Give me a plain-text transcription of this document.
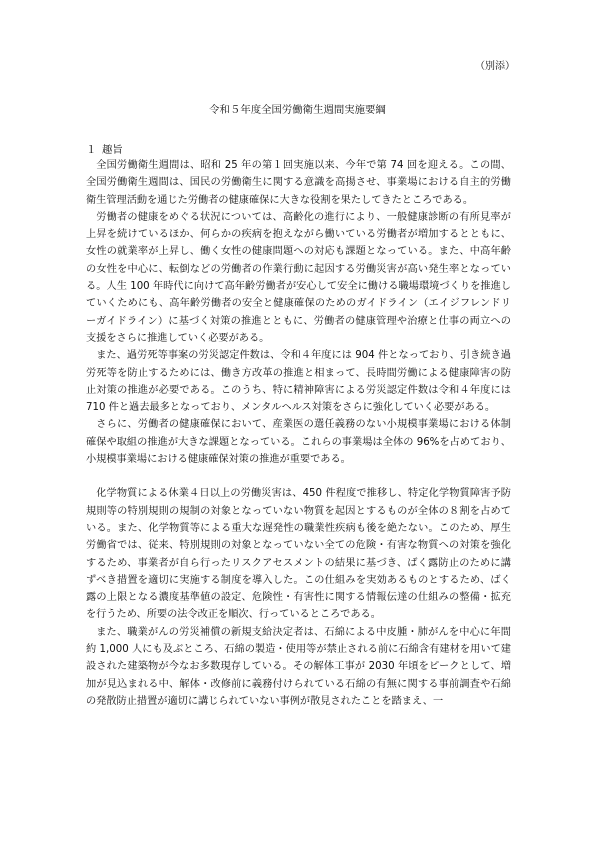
（別添）
令和５年度全国労働衛生週間実施要綱
１ 趣旨

全国労働衛生週間は、昭和 25 年の第１回実施以来、今年で第 74 回を迎える。この間、全国労働衛生週間は、国民の労働衛生に関する意識を高揚させ、事業場における自主的労働衛生管理活動を通じた労働者の健康確保に大きな役割を果たしてきたところである。

労働者の健康をめぐる状況については、高齢化の進行により、一般健康診断の有所見率が上昇を続けているほか、何らかの疾病を抱えながら働いている労働者が増加するとともに、女性の就業率が上昇し、働く女性の健康問題への対応も課題となっている。また、中高年齢の女性を中心に、転倒などの労働者の作業行動に起因する労働災害が高い発生率となっている。人生 100 年時代に向けて高年齢労働者が安心して安全に働ける職場環境づくりを推進していくためにも、高年齢労働者の安全と健康確保のためのガイドライン（エイジフレンドリーガイドライン）に基づく対策の推進とともに、労働者の健康管理や治療と仕事の両立への支援をさらに推進していく必要がある。

また、過労死等事案の労災認定件数は、令和４年度には 904 件となっており、引き続き過労死等を防止するためには、働き方改革の推進と相まって、長時間労働による健康障害の防止対策の推進が必要である。このうち、特に精神障害による労災認定件数は令和４年度には 710 件と過去最多となっており、メンタルヘルス対策をさらに強化していく必要がある。

さらに、労働者の健康確保において、産業医の選任義務のない小規模事業場における体制確保や取組の推進が大きな課題となっている。これらの事業場は全体の 96%を占めており、小規模事業場における健康確保対策の推進が重要である。

化学物質による休業４日以上の労働災害は、450 件程度で推移し、特定化学物質障害予防規則等の特別規則の規制の対象となっていない物質を起因とするものが全体の８割を占めている。また、化学物質等による重大な遅発性の職業性疾病も後を絶たない。このため、厚生労働省では、従来、特別規則の対象となっていない全ての危険・有害な物質への対策を強化するため、事業者が自ら行ったリスクアセスメントの結果に基づき、ばく露防止のために講ずべき措置を適切に実施する制度を導入した。この仕組みを実効あるものとするため、ばく露の上限となる濃度基準値の設定、危険性・有害性に関する情報伝達の仕組みの整備・拡充を行うため、所要の法令改正を順次、行っているところである。

また、職業がんの労災補償の新規支給決定者は、石綿による中皮腫・肺がんを中心に年間約 1,000 人にも及ぶところ、石綿の製造・使用等が禁止される前に石綿含有建材を用いて建設された建築物が今なお多数現存している。その解体工事が 2030 年頃をピークとして、増加が見込まれる中、解体・改修前に義務付けられている石綿の有無に関する事前調査や石綿の発散防止措置が適切に講じられていない事例が散見されたことを踏まえ、一
